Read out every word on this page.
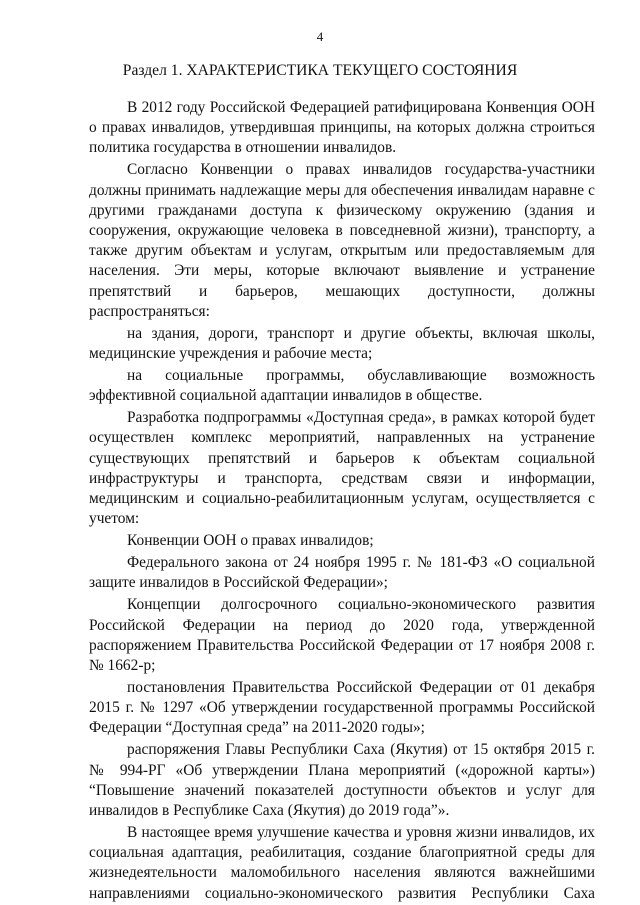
4
Раздел 1. ХАРАКТЕРИСТИКА ТЕКУЩЕГО СОСТОЯНИЯ

В 2012 году Российской Федерацией ратифицирована Конвенция ООН о правах инвалидов, утвердившая принципы, на которых должна строиться политика государства в отношении инвалидов.

Согласно Конвенции о правах инвалидов государства-участники должны принимать надлежащие меры для обеспечения инвалидам наравне с другими гражданами доступа к физическому окружению (здания и сооружения, окружающие человека в повседневной жизни), транспорту, а также другим объектам и услугам, открытым или предоставляемым для населения. Эти меры, которые включают выявление и устранение препятствий и барьеров, мешающих доступности, должны распространяться:

на здания, дороги, транспорт и другие объекты, включая школы, медицинские учреждения и рабочие места;

на социальные программы, обуславливающие возможность эффективной социальной адаптации инвалидов в обществе.

Разработка подпрограммы «Доступная среда», в рамках которой будет осуществлен комплекс мероприятий, направленных на устранение существующих препятствий и барьеров к объектам социальной инфраструктуры и транспорта, средствам связи и информации, медицинским и социально-реабилитационным услугам, осуществляется с учетом:

Конвенции ООН о правах инвалидов;

Федерального закона от 24 ноября 1995 г. № 181-ФЗ «О социальной защите инвалидов в Российской Федерации»;

Концепции долгосрочного социально-экономического развития Российской Федерации на период до 2020 года, утвержденной распоряжением Правительства Российской Федерации от 17 ноября 2008 г. № 1662-р;

постановления Правительства Российской Федерации от 01 декабря 2015 г. № 1297 «Об утверждении государственной программы Российской Федерации “Доступная среда” на 2011-2020 годы»;

распоряжения Главы Республики Саха (Якутия) от 15 октября 2015 г. № 994-РГ «Об утверждении Плана мероприятий («дорожной карты») “Повышение значений показателей доступности объектов и услуг для инвалидов в Республике Саха (Якутия) до 2019 года”».

В настоящее время улучшение качества и уровня жизни инвалидов, их социальная адаптация, реабилитация, создание благоприятной среды для жизнедеятельности маломобильного населения являются важнейшими направлениями социально-экономического развития Республики Саха
